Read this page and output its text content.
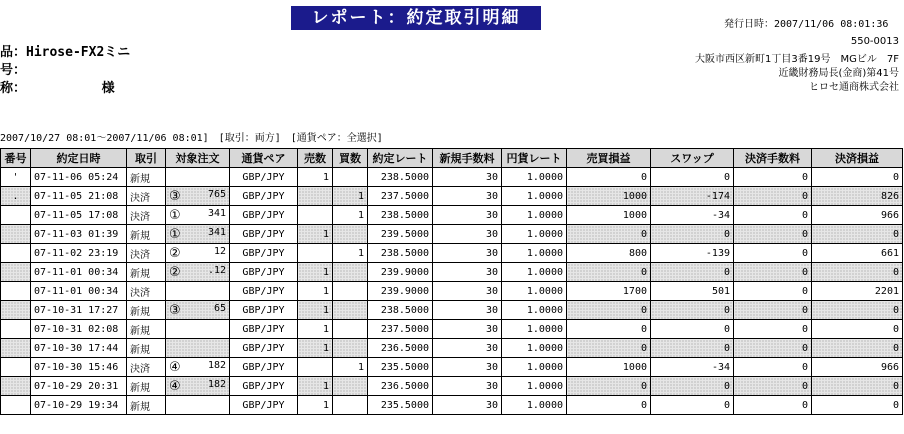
レポート：約定取引明細	発行日時：2007/11/06 08:01:36
品：Hirose-FX2ミニ
号：
称：	様
550-0013
大阪市西区新町1丁目3番19号　MGビル　7F
近畿財務局長(金商)第41号
ヒロセ通商株式会社
2007/10/27 08:01～2007/11/06 08:01]　[取引：両方]　[通貨ペア：全選択]
番号	約定日時	取引	対象注文	通貨ペア	売数	買数	約定レート	新規手数料	円貨レート	売買損益	スワップ	決済手数料	決済損益
'	07-11-06 05:24	新規		GBP/JPY	1		238.5000	30	1.0000	0	0	0	0
.	07-11-05 21:08	決済	③ 765	GBP/JPY		1	237.5000	30	1.0000	1000	-174	0	826
	07-11-05 17:08	決済	① 341	GBP/JPY		1	238.5000	30	1.0000	1000	-34	0	966
	07-11-03 01:39	新規	① 341	GBP/JPY	1		239.5000	30	1.0000	0	0	0	0
	07-11-02 23:19	決済	② 12	GBP/JPY		1	238.5000	30	1.0000	800	-139	0	661
	07-11-01 00:34	新規	② .12	GBP/JPY	1		239.9000	30	1.0000	0	0	0	0
	07-11-01 00:34	決済		GBP/JPY	1		239.9000	30	1.0000	1700	501	0	2201
	07-10-31 17:27	新規	③ 65	GBP/JPY	1		238.5000	30	1.0000	0	0	0	0
	07-10-31 02:08	新規		GBP/JPY	1		237.5000	30	1.0000	0	0	0	0
	07-10-30 17:44	新規		GBP/JPY	1		236.5000	30	1.0000	0	0	0	0
	07-10-30 15:46	決済	④ 182	GBP/JPY		1	235.5000	30	1.0000	1000	-34	0	966
	07-10-29 20:31	新規	④ 182	GBP/JPY	1		236.5000	30	1.0000	0	0	0	0
	07-10-29 19:34	新規		GBP/JPY	1		235.5000	30	1.0000	0	0	0	0
